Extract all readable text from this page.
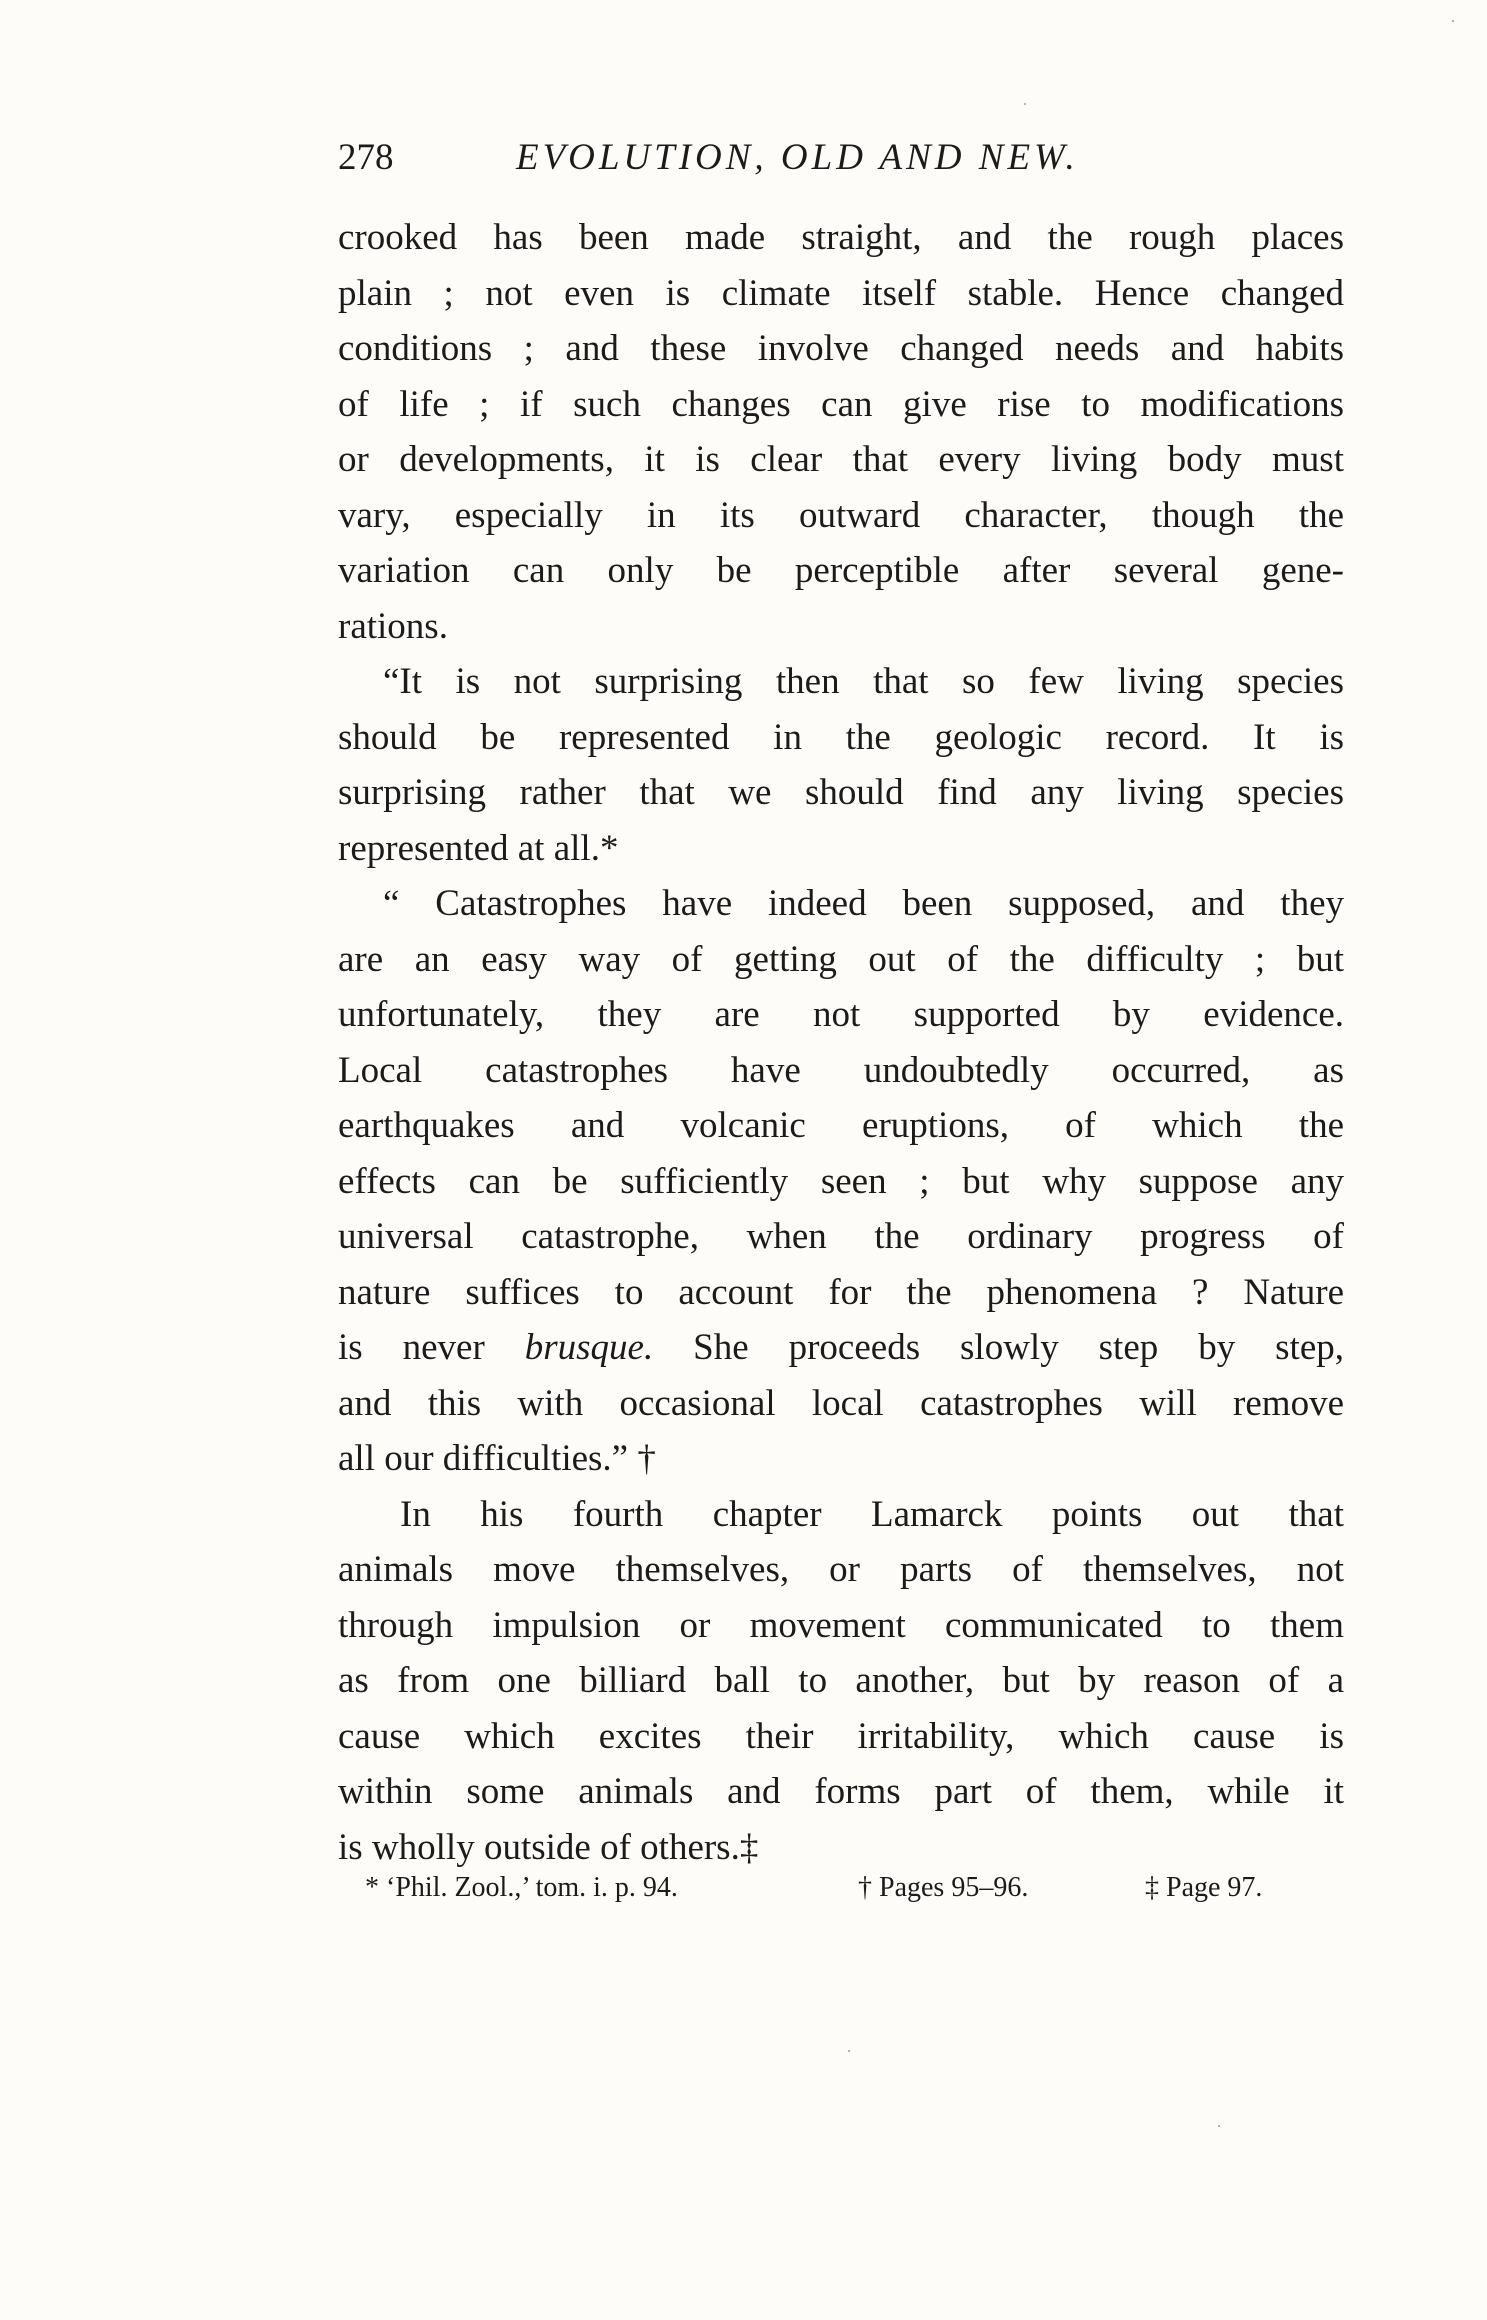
278	EVOLUTION, OLD AND NEW.
crooked has been made straight, and the rough places
plain ; not even is climate itself stable. Hence changed
conditions ; and these involve changed needs and habits
of life ; if such changes can give rise to modifications
or developments, it is clear that every living body must
vary, especially in its outward character, though the
variation can only be perceptible after several gene-
rations.
“It is not surprising then that so few living species
should be represented in the geologic record. It is
surprising rather that we should find any living species
represented at all.*
“ Catastrophes have indeed been supposed, and they
are an easy way of getting out of the difficulty ; but
unfortunately, they are not supported by evidence.
Local catastrophes have undoubtedly occurred, as
earthquakes and volcanic eruptions, of which the
effects can be sufficiently seen ; but why suppose any
universal catastrophe, when the ordinary progress of
nature suffices to account for the phenomena ? Nature
is never brusque. She proceeds slowly step by step,
and this with occasional local catastrophes will remove
all our difficulties.” †
In his fourth chapter Lamarck points out that
animals move themselves, or parts of themselves, not
through impulsion or movement communicated to them
as from one billiard ball to another, but by reason of a
cause which excites their irritability, which cause is
within some animals and forms part of them, while it
is wholly outside of others.‡
* ‘Phil. Zool.,’ tom. i. p. 94.	† Pages 95–96.	‡ Page 97.
